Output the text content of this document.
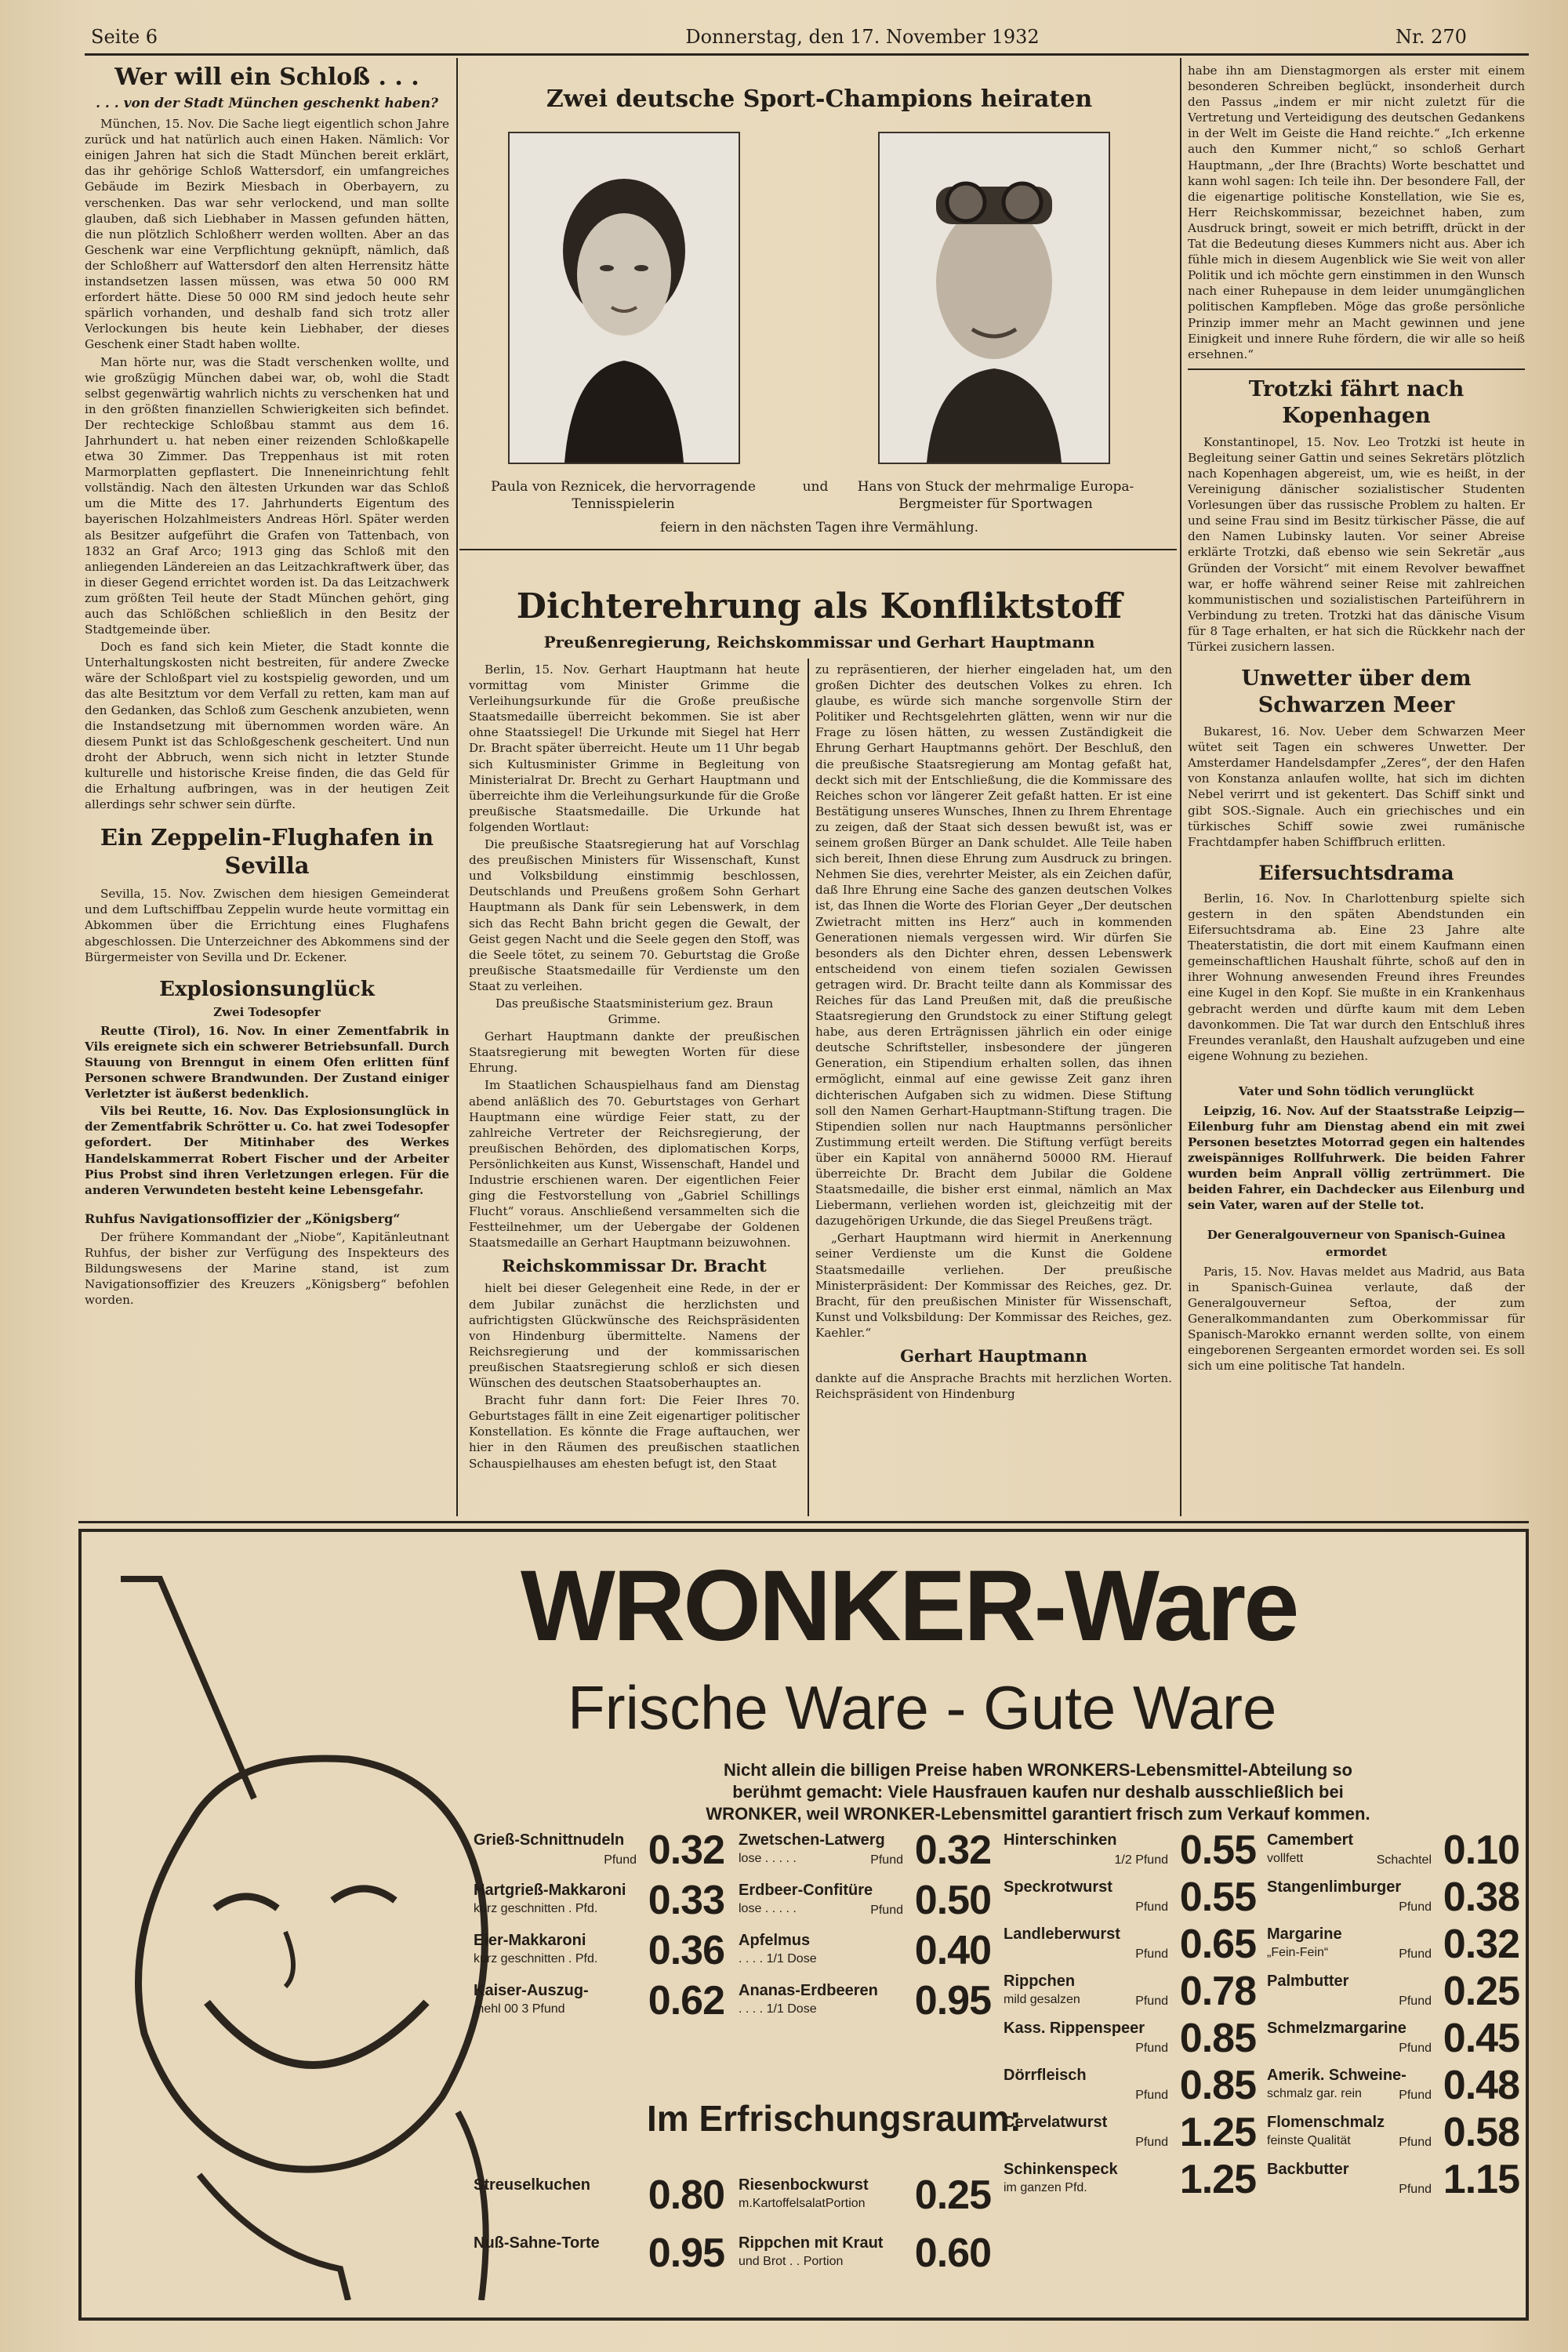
Seite 6	Donnerstag, den 17. November 1932	Nr. 270
Wer will ein Schloß . . .
. . . von der Stadt München geschenkt haben?

München, 15. Nov. Die Sache liegt eigentlich schon Jahre zurück und hat natürlich auch einen Haken. Nämlich: Vor einigen Jahren hat sich die Stadt München bereit erklärt, das ihr gehörige Schloß Wattersdorf, ein umfangreiches Gebäude im Bezirk Miesbach in Oberbayern, zu verschenken. Das war sehr verlockend, und man sollte glauben, daß sich Liebhaber in Massen gefunden hätten, die nun plötzlich Schloßherr werden wollten. Aber an das Geschenk war eine Verpflichtung geknüpft, nämlich, daß der Schloßherr auf Wattersdorf den alten Herrensitz hätte instandsetzen lassen müssen, was etwa 50 000 RM erfordert hätte. Diese 50 000 RM sind jedoch heute sehr spärlich vorhanden, und deshalb fand sich trotz aller Verlockungen bis heute kein Liebhaber, der dieses Geschenk einer Stadt haben wollte.

Man hörte nur, was die Stadt verschenken wollte, und wie großzügig München dabei war, ob, wohl die Stadt selbst gegenwärtig wahrlich nichts zu verschenken hat und in den größten finanziellen Schwierigkeiten sich befindet. Der rechteckige Schloßbau stammt aus dem 16. Jahrhundert u. hat neben einer reizenden Schloßkapelle etwa 30 Zimmer. Das Treppenhaus ist mit roten Marmorplatten gepflastert. Die Inneneinrichtung fehlt vollständig. Nach den ältesten Urkunden war das Schloß um die Mitte des 17. Jahrhunderts Eigentum des bayerischen Holzahlmeisters Andreas Hörl. Später werden als Besitzer aufgeführt die Grafen von Tattenbach, von 1832 an Graf Arco; 1913 ging das Schloß mit den anliegenden Ländereien an das Leitzachkraftwerk über, das in dieser Gegend errichtet worden ist. Da das Leitzachwerk zum größten Teil heute der Stadt München gehört, ging auch das Schlößchen schließlich in den Besitz der Stadtgemeinde über.

Doch es fand sich kein Mieter, die Stadt konnte die Unterhaltungskosten nicht bestreiten, für andere Zwecke wäre der Schloßpart viel zu kostspielig geworden, und um das alte Besitztum vor dem Verfall zu retten, kam man auf den Gedanken, das Schloß zum Geschenk anzubieten, wenn die Instandsetzung mit übernommen worden wäre. An diesem Punkt ist das Schloßgeschenk gescheitert. Und nun droht der Abbruch, wenn sich nicht in letzter Stunde kulturelle und historische Kreise finden, die das Geld für die Erhaltung aufbringen, was in der heutigen Zeit allerdings sehr schwer sein dürfte.

Ein Zeppelin-Flughafen in Sevilla

Sevilla, 15. Nov. Zwischen dem hiesigen Gemeinderat und dem Luftschiffbau Zeppelin wurde heute vormittag ein Abkommen über die Errichtung eines Flughafens abgeschlossen. Die Unterzeichner des Abkommens sind der Bürgermeister von Sevilla und Dr. Eckener.

Explosionsunglück
Zwei Todesopfer

Reutte (Tirol), 16. Nov. In einer Zementfabrik in Vils ereignete sich ein schwerer Betriebsunfall. Durch Stauung von Brenngut in einem Ofen erlitten fünf Personen schwere Brandwunden. Der Zustand einiger Verletzter ist äußerst bedenklich.

Vils bei Reutte, 16. Nov. Das Explosionsunglück in der Zementfabrik Schrötter u. Co. hat zwei Todesopfer gefordert. Der Mitinhaber des Werkes Handelskammerrat Robert Fischer und der Arbeiter Pius Probst sind ihren Verletzungen erlegen. Für die anderen Verwundeten besteht keine Lebensgefahr.

Ruhfus Navigationsoffizier der „Königsberg“

Der frühere Kommandant der „Niobe“, Kapitänleutnant Ruhfus, der bisher zur Verfügung des Inspekteurs des Bildungswesens der Marine stand, ist zum Navigationsoffizier des Kreuzers „Königsberg“ befohlen worden.

Zwei deutsche Sport-Champions heiraten
Paula von Reznicek, die hervorragende Tennisspielerin
und	Hans von Stuck der mehrmalige Europa-Bergmeister für Sportwagen
feiern in den nächsten Tagen ihre Vermählung.
Dichterehrung als Konfliktstoff
Preußenregierung, Reichskommissar und Gerhart Hauptmann

Berlin, 15. Nov. Gerhart Hauptmann hat heute vormittag vom Minister Grimme die Verleihungsurkunde für die Große preußische Staatsmedaille überreicht bekommen. Sie ist aber ohne Staatssiegel! Die Urkunde mit Siegel hat Herr Dr. Bracht später überreicht. Heute um 11 Uhr begab sich Kultusminister Grimme in Begleitung von Ministerialrat Dr. Brecht zu Gerhart Hauptmann und überreichte ihm die Verleihungsurkunde für die Große preußische Staatsmedaille. Die Urkunde hat folgenden Wortlaut:

Die preußische Staatsregierung hat auf Vorschlag des preußischen Ministers für Wissenschaft, Kunst und Volksbildung einstimmig beschlossen, Deutschlands und Preußens großem Sohn Gerhart Hauptmann als Dank für sein Lebenswerk, in dem sich das Recht Bahn bricht gegen die Gewalt, der Geist gegen Nacht und die Seele gegen den Stoff, was die Seele tötet, zu seinem 70. Geburtstag die Große preußische Staatsmedaille für Verdienste um den Staat zu verleihen.

Das preußische Staatsministerium gez. Braun Grimme.

Gerhart Hauptmann dankte der preußischen Staatsregierung mit bewegten Worten für diese Ehrung.

Im Staatlichen Schauspielhaus fand am Dienstag abend anläßlich des 70. Geburtstages von Gerhart Hauptmann eine würdige Feier statt, zu der zahlreiche Vertreter der Reichsregierung, der preußischen Behörden, des diplomatischen Korps, Persönlichkeiten aus Kunst, Wissenschaft, Handel und Industrie erschienen waren. Der eigentlichen Feier ging die Festvorstellung von „Gabriel Schillings Flucht“ voraus. Anschließend versammelten sich die Festteilnehmer, um der Uebergabe der Goldenen Staatsmedaille an Gerhart Hauptmann beizuwohnen.

Reichskommissar Dr. Bracht

hielt bei dieser Gelegenheit eine Rede, in der er dem Jubilar zunächst die herzlichsten und aufrichtigsten Glückwünsche des Reichspräsidenten von Hindenburg übermittelte. Namens der Reichsregierung und der kommissarischen preußischen Staatsregierung schloß er sich diesen Wünschen des deutschen Staatsoberhauptes an.

Bracht fuhr dann fort: Die Feier Ihres 70. Geburtstages fällt in eine Zeit eigenartiger politischer Konstellation. Es könnte die Frage auftauchen, wer hier in den Räumen des preußischen staatlichen Schauspielhauses am ehesten befugt ist, den Staat

zu repräsentieren, der hierher eingeladen hat, um den großen Dichter des deutschen Volkes zu ehren. Ich glaube, es würde sich manche sorgenvolle Stirn der Politiker und Rechtsgelehrten glätten, wenn wir nur die Frage zu lösen hätten, zu wessen Zuständigkeit die Ehrung Gerhart Hauptmanns gehört. Der Beschluß, den die preußische Staatsregierung am Montag gefaßt hat, deckt sich mit der Entschließung, die die Kommissare des Reiches schon vor längerer Zeit gefaßt hatten. Er ist eine Bestätigung unseres Wunsches, Ihnen zu Ihrem Ehrentage zu zeigen, daß der Staat sich dessen bewußt ist, was er seinem großen Bürger an Dank schuldet. Alle Teile haben sich bereit, Ihnen diese Ehrung zum Ausdruck zu bringen. Nehmen Sie dies, verehrter Meister, als ein Zeichen dafür, daß Ihre Ehrung eine Sache des ganzen deutschen Volkes ist, das Ihnen die Worte des Florian Geyer „Der deutschen Zwietracht mitten ins Herz“ auch in kommenden Generationen niemals vergessen wird. Wir dürfen Sie besonders als den Dichter ehren, dessen Lebenswerk entscheidend von einem tiefen sozialen Gewissen getragen wird. Dr. Bracht teilte dann als Kommissar des Reiches für das Land Preußen mit, daß die preußische Staatsregierung den Grundstock zu einer Stiftung gelegt habe, aus deren Erträgnissen jährlich ein oder einige deutsche Schriftsteller, insbesondere der jüngeren Generation, ein Stipendium erhalten sollen, das ihnen ermöglicht, einmal auf eine gewisse Zeit ganz ihren dichterischen Aufgaben sich zu widmen. Diese Stiftung soll den Namen Gerhart-Hauptmann-Stiftung tragen. Die Stipendien sollen nur nach Hauptmanns persönlicher Zustimmung erteilt werden. Die Stiftung verfügt bereits über ein Kapital von annähernd 50000 RM. Hierauf überreichte Dr. Bracht dem Jubilar die Goldene Staatsmedaille, die bisher erst einmal, nämlich an Max Liebermann, verliehen worden ist, gleichzeitig mit der dazugehörigen Urkunde, die das Siegel Preußens trägt.

„Gerhart Hauptmann wird hiermit in Anerkennung seiner Verdienste um die Kunst die Goldene Staatsmedaille verliehen. Der preußische Ministerpräsident: Der Kommissar des Reiches, gez. Dr. Bracht, für den preußischen Minister für Wissenschaft, Kunst und Volksbildung: Der Kommissar des Reiches, gez. Kaehler.“

Gerhart Hauptmann

dankte auf die Ansprache Brachts mit herzlichen Worten. Reichspräsident von Hindenburg

habe ihn am Dienstagmorgen als erster mit einem besonderen Schreiben beglückt, insonderheit durch den Passus „indem er mir nicht zuletzt für die Vertretung und Verteidigung des deutschen Gedankens in der Welt im Geiste die Hand reichte.“ „Ich erkenne auch den Kummer nicht,“ so schloß Gerhart Hauptmann, „der Ihre (Brachts) Worte beschattet und kann wohl sagen: Ich teile ihn. Der besondere Fall, der die eigenartige politische Konstellation, wie Sie es, Herr Reichskommissar, bezeichnet haben, zum Ausdruck bringt, soweit er mich betrifft, drückt in der Tat die Bedeutung dieses Kummers nicht aus. Aber ich fühle mich in diesem Augenblick wie Sie weit von aller Politik und ich möchte gern einstimmen in den Wunsch nach einer Ruhepause in dem leider unumgänglichen politischen Kampfleben. Möge das große persönliche Prinzip immer mehr an Macht gewinnen und jene Einigkeit und innere Ruhe fördern, die wir alle so heiß ersehnen.“

Trotzki fährt nach Kopenhagen

Konstantinopel, 15. Nov. Leo Trotzki ist heute in Begleitung seiner Gattin und seines Sekretärs plötzlich nach Kopenhagen abgereist, um, wie es heißt, in der Vereinigung dänischer sozialistischer Studenten Vorlesungen über das russische Problem zu halten. Er und seine Frau sind im Besitz türkischer Pässe, die auf den Namen Lubinsky lauten. Vor seiner Abreise erklärte Trotzki, daß ebenso wie sein Sekretär „aus Gründen der Vorsicht“ mit einem Revolver bewaffnet war, er hoffe während seiner Reise mit zahlreichen kommunistischen und sozialistischen Parteiführern in Verbindung zu treten. Trotzki hat das dänische Visum für 8 Tage erhalten, er hat sich die Rückkehr nach der Türkei zusichern lassen.

Unwetter über dem Schwarzen Meer

Bukarest, 16. Nov. Ueber dem Schwarzen Meer wütet seit Tagen ein schweres Unwetter. Der Amsterdamer Handelsdampfer „Zeres“, der den Hafen von Konstanza anlaufen wollte, hat sich im dichten Nebel verirrt und ist gekentert. Das Schiff sinkt und gibt SOS.-Signale. Auch ein griechisches und ein türkisches Schiff sowie zwei rumänische Frachtdampfer haben Schiffbruch erlitten.

Eifersuchtsdrama

Berlin, 16. Nov. In Charlottenburg spielte sich gestern in den späten Abendstunden ein Eifersuchtsdrama ab. Eine 23 Jahre alte Theaterstatistin, die dort mit einem Kaufmann einen gemeinschaftlichen Haushalt führte, schoß auf den in ihrer Wohnung anwesenden Freund ihres Freundes eine Kugel in den Kopf. Sie mußte in ein Krankenhaus gebracht werden und dürfte kaum mit dem Leben davonkommen. Die Tat war durch den Entschluß ihres Freundes veranlaßt, den Haushalt aufzugeben und eine eigene Wohnung zu beziehen.

Vater und Sohn tödlich verunglückt

Leipzig, 16. Nov. Auf der Staatsstraße Leipzig—Eilenburg fuhr am Dienstag abend ein mit zwei Personen besetztes Motorrad gegen ein haltendes zweispänniges Rollfuhrwerk. Die beiden Fahrer wurden beim Anprall völlig zertrümmert. Die beiden Fahrer, ein Dachdecker aus Eilenburg und sein Vater, waren auf der Stelle tot.

Der Generalgouverneur von Spanisch-Guinea ermordet

Paris, 15. Nov. Havas meldet aus Madrid, aus Bata in Spanisch-Guinea verlaute, daß der Generalgouverneur Seftoa, der zum Generalkommandanten zum Oberkommissar für Spanisch-Marokko ernannt werden sollte, von einem eingeborenen Sergeanten ermordet worden sei. Es soll sich um eine politische Tat handeln.

WRONKER-Ware
Frische Ware - Gute Ware
Nicht allein die billigen Preise haben WRONKERS-Lebensmittel-Abteilung so
berühmt gemacht: Viele Hausfrauen kaufen nur deshalb ausschließlich bei
WRONKER, weil WRONKER-Lebensmittel garantiert frisch zum Verkauf kommen.
Grieß-Schnittnudeln
Pfund 0.32
Hartgrieß-Makkaroni
kurz geschnitten . Pfd. 0.33
Eier-Makkaroni
kurz geschnitten . Pfd. 0.36
Kaiser-Auszug-
mehl 00 3 Pfund 0.62
Zwetschen-Latwerg
lose . . . . .	Pfund 0.32
Erdbeer-Confitüre
lose . . . . .	Pfund 0.50
Apfelmus
. . . . 1/1 Dose 0.40
Ananas-Erdbeeren
. . . . 1/1 Dose 0.95
Hinterschinken
1/2 Pfund 0.55
Speckrotwurst
Pfund 0.55
Landleberwurst
Pfund 0.65
Rippchen
mild gesalzen	Pfund 0.78
Kass. Rippenspeer
Pfund 0.85
Dörrfleisch
Pfund 0.85
Cervelatwurst
Pfund 1.25
Schinkenspeck
im ganzen Pfd. 1.25
Camembert
vollfett	Schachtel 0.10
Stangenlimburger
Pfund 0.38
Margarine
„Fein-Fein“	Pfund 0.32
Palmbutter
Pfund 0.25
Schmelzmargarine
Pfund 0.45
Amerik. Schweine-
schmalz gar. rein	Pfund 0.48
Flomenschmalz
feinste Qualität	Pfund 0.58
Backbutter
Pfund 1.15
Streuselkuchen 0.80
Nuß-Sahne-Torte 0.95
Riesenbockwurst
m.KartoffelsalatPortion 0.25
Rippchen mit Kraut
und Brot . . Portion 0.60
Im Erfrischungsraum:
